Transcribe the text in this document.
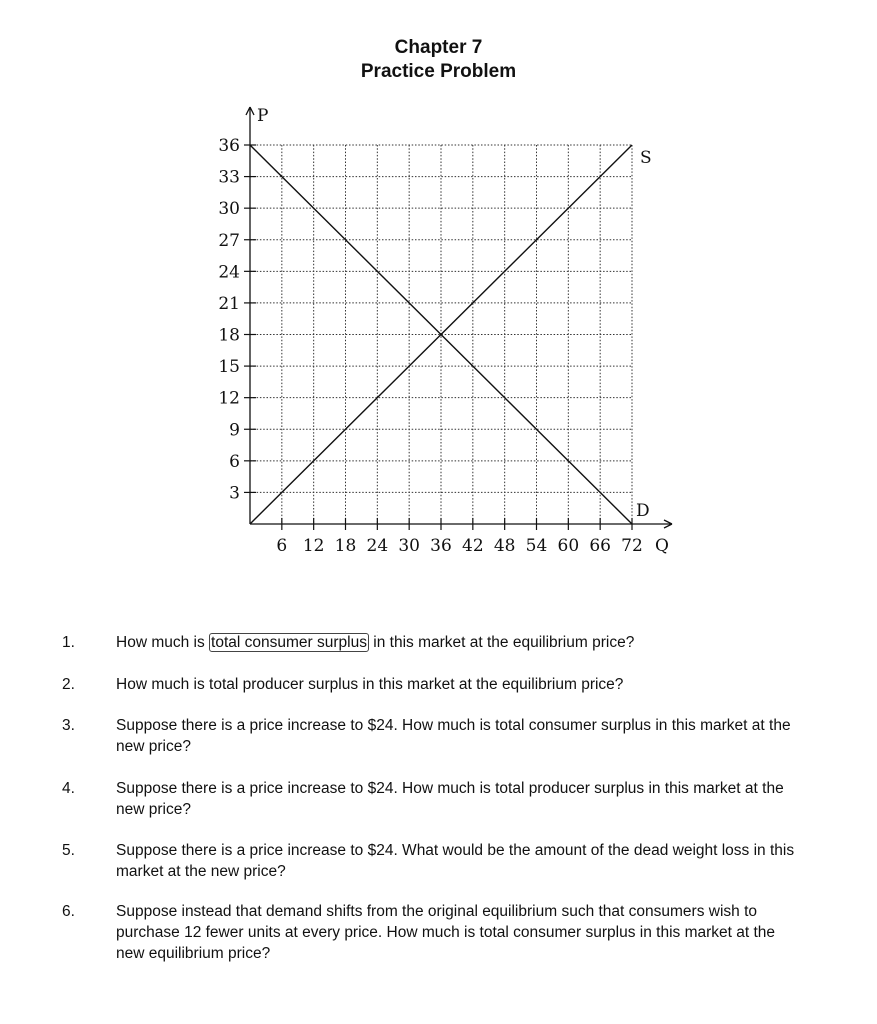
Chapter 7
Practice Problem
6 12 18 24 30 36 42 48 54 60 66 72
3
6
9
12
15
18
21
24
27
30
33
36
P
Q
S
D
1.	How much is total consumer surplus in this market at the equilibrium price?
2.	How much is total producer surplus in this market at the equilibrium price?
3.	Suppose there is a price increase to $24. How much is total consumer surplus in this market at the new price?
4.	Suppose there is a price increase to $24. How much is total producer surplus in this market at the new price?
5.	Suppose there is a price increase to $24. What would be the amount of the dead weight loss in this market at the new price?
6.	Suppose instead that demand shifts from the original equilibrium such that consumers wish to purchase 12 fewer units at every price. How much is total consumer surplus in this market at the new equilibrium price?
